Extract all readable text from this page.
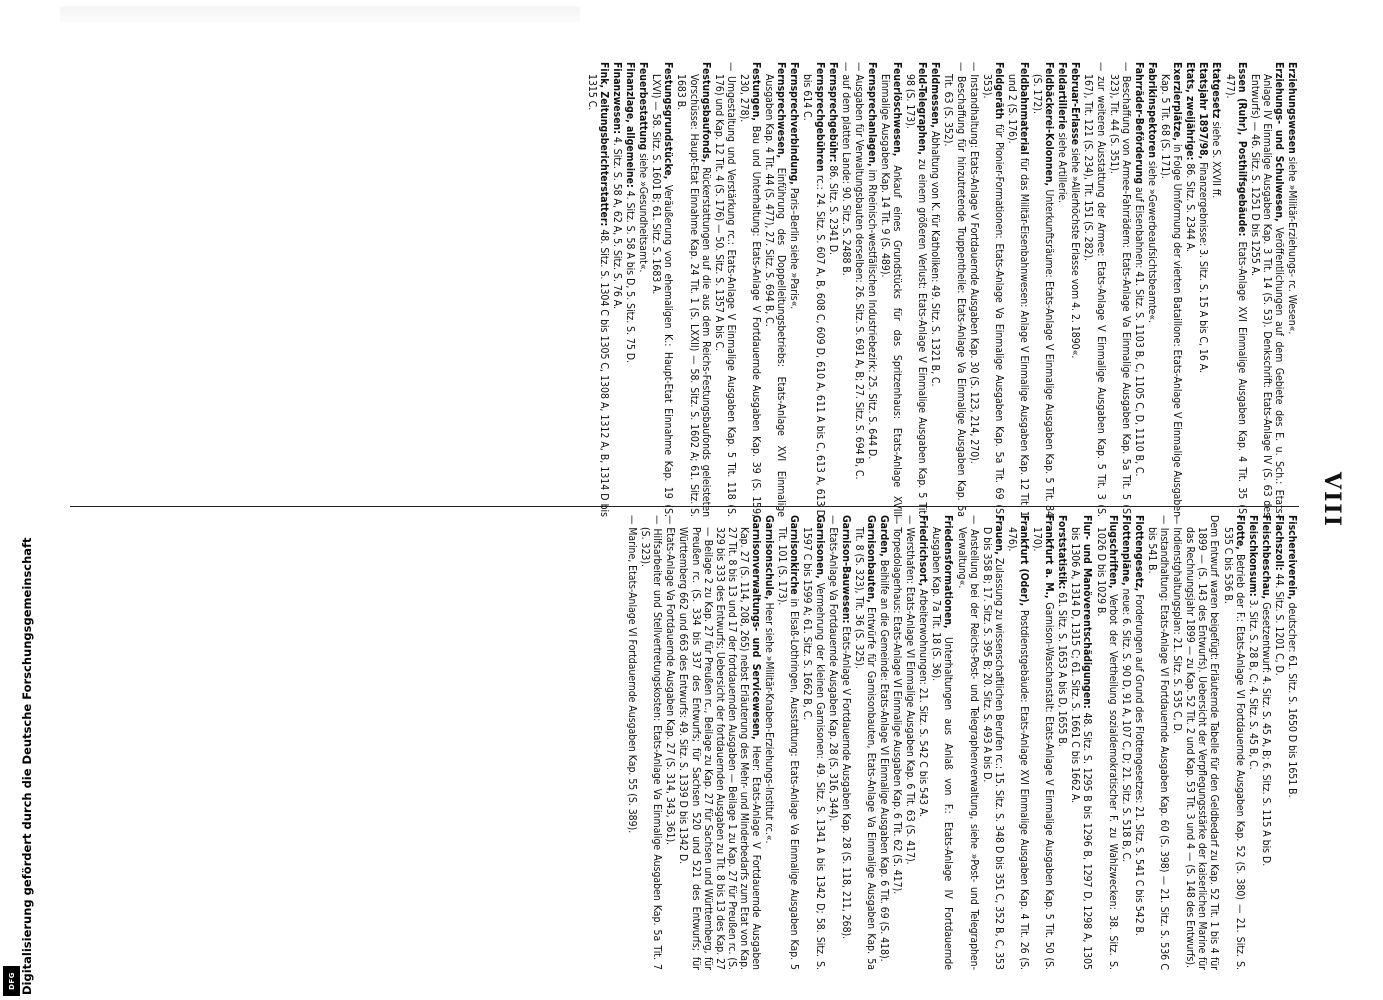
VIII
Erziehungswesen siehe »Militär-Erziehungs- rc. Wesen«.
Erziehungs- und Schulwesen, Veröffentlichungen auf dem Gebiete des E. u. Sch.: Etats-Anlage IV Einmalige Ausgaben Kap. 3 Tit. 14 (S. 53). Denkschrift: Etats-Anlage IV (S. 63 des Entwurfs) — 46. Sitz. S. 1251 D bis 1255 A.
Essen (Ruhr), Posthilfsgebäude: Etats-Anlage XVI Einmalige Ausgaben Kap. 4 Tit. 35 (S. 477).
Etatgesetz siehe S. XXVII ff.
Etatsjahr 1897/98, Finanzergebnisse: 3. Sitz. S. 15 A bis C, 16 A.
Etats, zweijährige: 86. Sitz. S. 2344 A.
Exerzierplätze, in Folge Umformung der vierten Bataillone: Etats-Anlage V Einmalige Ausgaben Kap. 5 Tit. 68 (S. 171).
Fabrikinspektoren siehe »Gewerbeaufsichtsbeamte«.
Fahrräder-Beförderung auf Eisenbahnen: 41. Sitz. S. 1103 B, C, 1105 C, D, 1110 B, C.
— Beschaffung von Armee-Fahrrädern: Etats-Anlage Va Einmalige Ausgaben Kap. 5a Tit. 5 (S. 323), Tit. 44 (S. 351).
— zur weiteren Ausstattung der Armee: Etats-Anlage V Einmalige Ausgaben Kap. 5 Tit. 3 (S. 167), Tit. 121 (S. 234), Tit. 151 (S. 282).
Februar-Erlasse siehe »Allerhöchste Erlasse vom 4. 2. 1890«.
Feldartillerie siehe Artillerie.
Feldbäckerei-Kolonnen, Unterkunftsräume: Etats-Anlage V Einmalige Ausgaben Kap. 5 Tit. 84 (S. 172).
Feldbahnmaterial für das Militär-Eisenbahnwesen: Anlage V Einmalige Ausgaben Kap. 12 Tit. 1 und 2 (S. 176).
Feldgeräth für Pionier-Formationen: Etats-Anlage Va Einmalige Ausgaben Kap. 5a Tit. 69 (S. 353).
— Instandhaltung: Etats-Anlage V Fortdauernde Ausgaben Kap. 30 (S. 123, 214, 270).
— Beschaffung für hinzutretende Truppentheile: Etats-Anlage Va Einmalige Ausgaben Kap. 5a Tit. 63 (S. 352).
Feldmessen, Abhaltung von K. für Katholiken: 49. Sitz. S. 1321 B, C.
Feld-Telegraphen, zu einem größeren Verlust: Etats-Anlage V Einmalige Ausgaben Kap. 5 Tit. 98 (S. 173).
Feuerlöschwesen, Ankauf eines Grundstücks für das Spritzenhaus: Etats-Anlage XVIII Einmalige Ausgaben Kap. 14 Tit. 9 (S. 489).
Fernsprechanlagen, im Rheinisch-westfälischen Industriebezirk: 25. Sitz. S. 644 D.
— Ausgaben für Verwaltungsbauten derselben: 26. Sitz. S. 691 A, B; 27. Sitz. S. 694 B, C.
— auf dem platten Lande: 90. Sitz. S. 2488 B.
Fernsprechgebühr: 86. Sitz. S. 2341 D.
Fernsprechgebühren rc.: 24. Sitz. S. 607 A, B, 608 C, 609 D, 610 A, 611 A bis C, 613 A, 613 D bis 614 C.
Fernsprechverbindung, Paris–Berlin siehe »Paris«.
Fernsprechwesen, Einführung des Doppelleitungsbetriebs: Etats-Anlage XVI Einmalige Ausgaben Kap. 4 Tit. 44 (S. 477), 27. Sitz. S. 694 B, C.
Festungen, Bau und Unterhaltung: Etats-Anlage V Fortdauernde Ausgaben Kap. 39 (S. 159, 230, 278).
— Umgestaltung und Verstärkung rc.: Etats-Anlage V Einmalige Ausgaben Kap. 5 Tit. 118 (S. 176) und Kap. 12 Tit. 4 (S. 176) — 50. Sitz. S. 1357 A bis C.
Festungsbaufonds, Rückerstattungen auf die aus dem Reichs-Festungsbaufonds geleisteten Vorschüsse: Haupt-Etat Einnahme Kap. 24 Tit. 1 (S. LXXII) — 58. Sitz. S. 1602 A; 61. Sitz. S. 1683 B.
Festungsgrundstücke, Veräußerung von ehemaligen K.: Haupt-Etat Einnahme Kap. 19 (S. LXVI) — 58. Sitz. S. 1601 B; 61. Sitz. S. 1683 A.
Feuerbestattung siehe »Gesundheitsamt«.
Finanzlage, allgemeine: 4. Sitz. S. 58 A bis D, 5. Sitz. S. 75 D.
Finanzwesen: 4. Sitz. S. 58 A, 62 A, 5. Sitz. S. 76 A.
Fink, Zeitungsberichterstatter: 48. Sitz. S. 1304 C bis 1305 C, 1308 A, 1312 A, B, 1314 D bis 1315 C.
Fischereiverein, deutscher: 61. Sitz. S. 1650 D bis 1651 B.
Flachszoll: 44. Sitz. S. 1201 C, D.
Fleischbeschau, Gesetzentwurf: 4. Sitz. S. 45 A, B; 6. Sitz. S. 115 A bis D.
Fleischkonsum: 3. Sitz. S. 28 B, C; 4. Sitz. S. 45 B, C.
Flotte, Betrieb der F.: Etats-Anlage VI Fortdauernde Ausgaben Kap. 52 (S. 380) — 21. Sitz. S. 535 C bis 536 B.
Dem Entwurf waren beigefügt: Erläuternde Tabelle für den Geldbedarf zu Kap. 52 Tit. 1 bis 4 für 1899 — (S. 143 des Entwurfs). Uebersicht der Verpflegungsstärke der kaiserlichen Marine für das Rechnungsjahr 1899 — zu Kap. 52 Tit. 2 und Kap. 53 Tit. 3 und 4 — (S. 148 des Entwurfs).
— Indienstghaltungsplan: 21. Sitz. S. 535 C, D.
— Instandhaltung: Etats-Anlage VI Fortdauernde Ausgaben Kap. 60 (S. 398) — 21. Sitz. S. 536 C bis 541 B.
Flottengesetz, Forderungen auf Grund des Flottengesetzes: 21. Sitz. S. 541 C bis 542 B.
Flottenpläne, neue: 6. Sitz. S. 90 D, 91 A, 107 C, D; 21. Sitz. S. 518 B, C.
Flugschriften, Verbot der Vertheilung sozialdemokratischer F. zu Wahlzwecken: 38. Sitz. S. 1026 D bis 1029 B.
Flur- und Manöverentschädigungen: 48. Sitz. S. 1295 B bis 1296 B, 1297 D, 1298 A, 1305 bis 1306 A, 1314 D, 1315 C; 61. Sitz. S. 1661 C bis 1662 A.
Forststatistik: 61. Sitz. S. 1653 A bis D, 1655 B.
Frankfurt a. M., Garnison-Waschanstalt: Etats-Anlage V Einmalige Ausgaben Kap. 5 Tit. 50 (S. 170).
Frankfurt (Oder), Postdienstgebäude: Etats-Anlage XVI Einmalige Ausgaben Kap. 4 Tit. 26 (S. 476).
Frauen, Zulassung zu wissenschaftlichen Berufen rc.: 15. Sitz. S. 348 D bis 351 C, 352 B, C, 353 D bis 358 B; 17. Sitz. S. 395 B; 20. Sitz. S. 493 A bis D.
— Anstellung bei der Reichs-Post- und Telegraphenverwaltung, siehe »Post- und Telegraphen-Verwaltung«.
Friedensformationen, Unterhaltungen aus Anlaß von F.: Etats-Anlage IV Fortdauernde Ausgaben Kap. 7a Tit. 18 (S. 36).
Friedrichsort, Arbeiterwohnungen: 21. Sitz. S. 542 C bis 543 A.
— Wersthafen: Etats-Anlage VI Einmalige Ausgaben Kap. 6 Tit. 63 (S. 417).
— Torpedolagerhaus: Etats-Anlage VI Einmalige Ausgaben Kap. 6 Tit. 62 (S. 417).
Garden, Beihilfe an die Gemeinde: Etats-Anlage VI Einmalige Ausgaben Kap. 6 Tit. 69 (S. 418).
Garnisonbauten, Entwürfe für Garnisonbauten, Etats-Anlage Va Einmalige Ausgaben Kap. 5a Tit. 8 (S. 323), Tit. 36 (S. 325).
Garnison-Bauwesen: Etats-Anlage V Fortdauernde Ausgaben Kap. 28 (S. 118, 211, 268).
— Etats-Anlage Va Fortdauernde Ausgaben Kap. 28 (S. 316, 344).
Garnisonen, Vermehrung der kleinen Garnisonen: 49. Sitz. S. 1341 A bis 1342 D; 58. Sitz. S. 1597 C bis 1599 A; 61. Sitz. S. 1662 B, C.
Garnisonkirche in Elsaß-Lothringen, Ausstattung: Etats-Anlage Va Einmalige Ausgaben Kap. 5 Tit. 101 (S. 173).
Garnisonschule, Heer siehe »Militär-Knaben-Erziehungs-Institut rc.«.
Garnisonverwaltungs- und Servicewesen, Heer: Etats-Anlage V Fortdauernde Ausgaben Kap. 27 (S. 114, 208, 265) nebst Erläuterung des Mehr- und Minderbedarfs zum Etat von Kap. 27 Tit. 8 bis 13 und 17 der fortdauernden Ausgaben — Beilage 1 zu Kap. 27 für Preußen rc. (S. 329 bis 333 des Entwurfs; Uebersicht der fortdauernden Ausgaben zu Tit. 8 bis 13 des Kap. 27 — Beilage 2 zu Kap. 27 für Preußen rc., Beilage zu Kap. 27 für Sachsen und Württemberg, für Preußen rc. (S. 334 bis 337 des Entwurfs; für Sachsen 520 und 521 des Entwurfs; für Württemberg 662 und 663 des Entwurfs: 49. Sitz. S. 1339 D bis 1342 D.
— Etats-Anlage Va Fortdauernde Ausgaben Kap. 27 (S. 314, 343, 361).
— Hilfsarbeiter und Stellvertretungskosten: Etats-Anlage Va Einmalige Ausgaben Kap. 5a Tit. 7 (S. 323).
— Marine, Etats-Anlage VI Fortdauernde Ausgaben Kap. 55 (S. 389).
Digitalisierung gefördert durch die Deutsche Forschungsgemeinschaft
DFG
